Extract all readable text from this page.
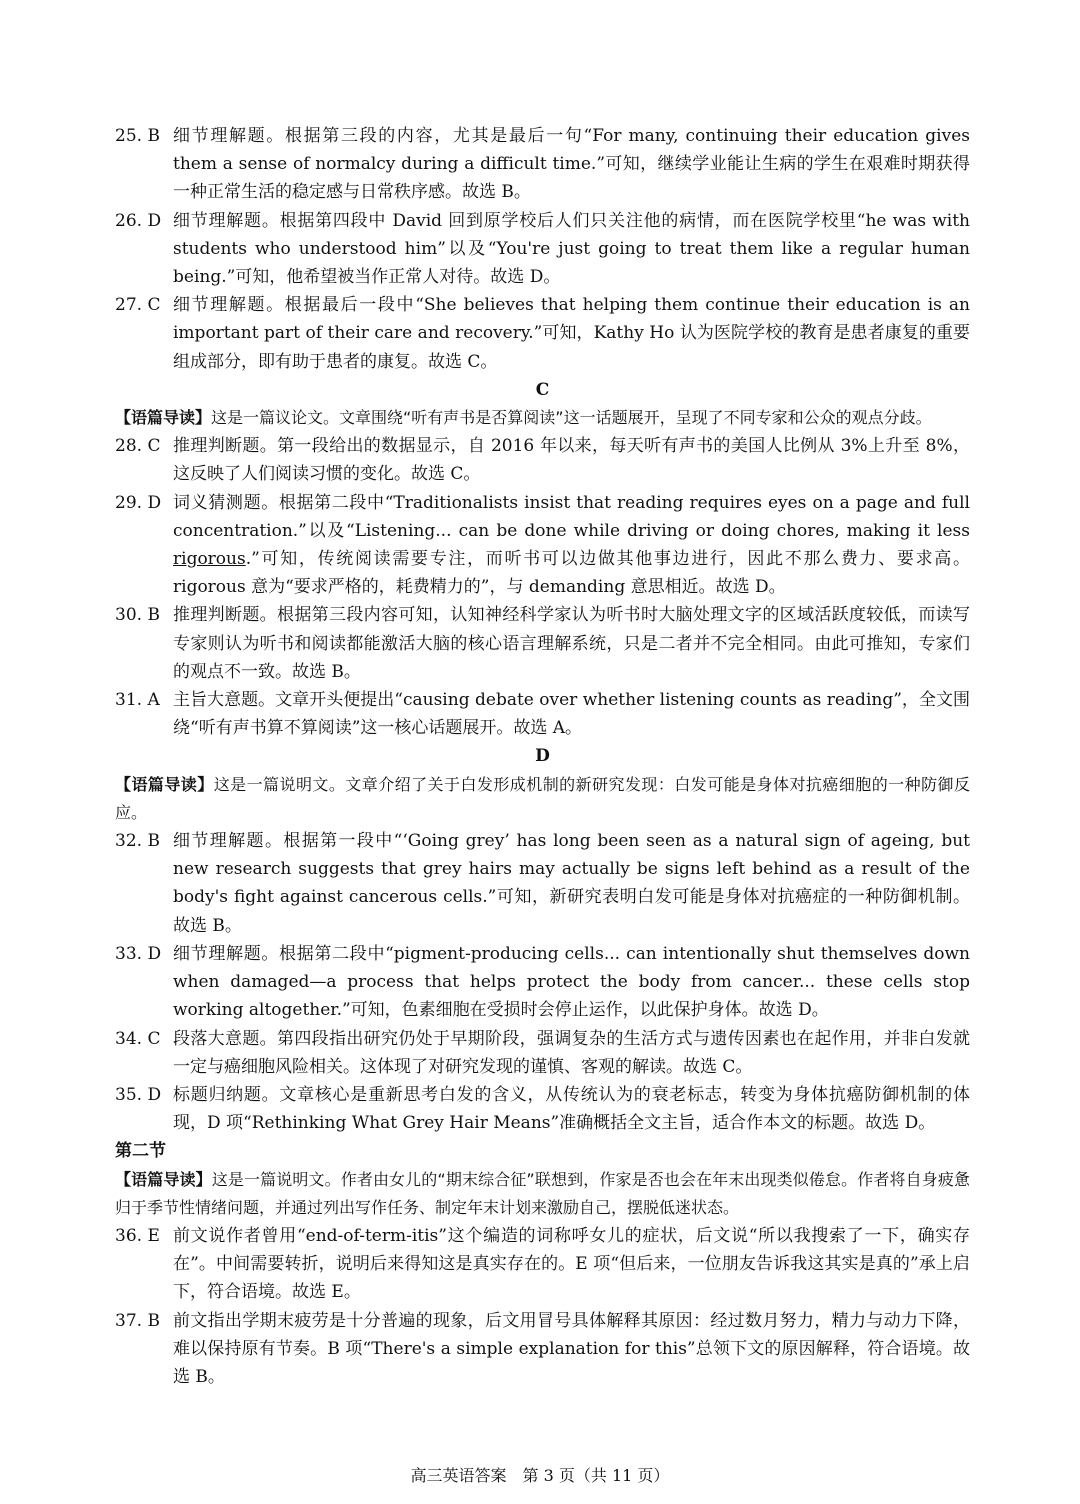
25. B 细节理解题。根据第三段的内容，尤其是最后一句“For many, continuing their education gives them a sense of normalcy during a difficult time.”可知，继续学业能让生病的学生在艰难时期获得一种正常生活的稳定感与日常秩序感。故选 B。
26. D 细节理解题。根据第四段中 David 回到原学校后人们只关注他的病情，而在医院学校里“he was with students who understood him”以及“You're just going to treat them like a regular human being.”可知，他希望被当作正常人对待。故选 D。
27. C 细节理解题。根据最后一段中“She believes that helping them continue their education is an important part of their care and recovery.”可知，Kathy Ho 认为医院学校的教育是患者康复的重要组成部分，即有助于患者的康复。故选 C。

C

【语篇导读】这是一篇议论文。文章围绕“听有声书是否算阅读”这一话题展开，呈现了不同专家和公众的观点分歧。

28. C 推理判断题。第一段给出的数据显示，自 2016 年以来，每天听有声书的美国人比例从 3%上升至 8%，这反映了人们阅读习惯的变化。故选 C。
29. D 词义猜测题。根据第二段中“Traditionalists insist that reading requires eyes on a page and full concentration.”以及“Listening... can be done while driving or doing chores, making it less rigorous.”可知，传统阅读需要专注，而听书可以边做其他事边进行，因此不那么费力、要求高。rigorous 意为“要求严格的，耗费精力的”，与 demanding 意思相近。故选 D。
30. B 推理判断题。根据第三段内容可知，认知神经科学家认为听书时大脑处理文字的区域活跃度较低，而读写专家则认为听书和阅读都能激活大脑的核心语言理解系统，只是二者并不完全相同。由此可推知，专家们的观点不一致。故选 B。
31. A 主旨大意题。文章开头便提出“causing debate over whether listening counts as reading”，全文围绕“听有声书算不算阅读”这一核心话题展开。故选 A。

D

【语篇导读】这是一篇说明文。文章介绍了关于白发形成机制的新研究发现：白发可能是身体对抗癌细胞的一种防御反应。

32. B 细节理解题。根据第一段中“‘Going grey’ has long been seen as a natural sign of ageing, but new research suggests that grey hairs may actually be signs left behind as a result of the body's fight against cancerous cells.”可知，新研究表明白发可能是身体对抗癌症的一种防御机制。故选 B。
33. D 细节理解题。根据第二段中“pigment-producing cells... can intentionally shut themselves down when damaged—a process that helps protect the body from cancer... these cells stop working altogether.”可知，色素细胞在受损时会停止运作，以此保护身体。故选 D。
34. C 段落大意题。第四段指出研究仍处于早期阶段，强调复杂的生活方式与遗传因素也在起作用，并非白发就一定与癌细胞风险相关。这体现了对研究发现的谨慎、客观的解读。故选 C。
35. D 标题归纳题。文章核心是重新思考白发的含义，从传统认为的衰老标志，转变为身体抗癌防御机制的体现，D 项“Rethinking What Grey Hair Means”准确概括全文主旨，适合作本文的标题。故选 D。

第二节

【语篇导读】这是一篇说明文。作者由女儿的“期末综合征”联想到，作家是否也会在年末出现类似倦怠。作者将自身疲惫归于季节性情绪问题，并通过列出写作任务、制定年末计划来激励自己，摆脱低迷状态。

36. E 前文说作者曾用“end-of-term-itis”这个编造的词称呼女儿的症状，后文说“所以我搜索了一下，确实存在”。中间需要转折，说明后来得知这是真实存在的。E 项“但后来，一位朋友告诉我这其实是真的”承上启下，符合语境。故选 E。
37. B 前文指出学期末疲劳是十分普遍的现象，后文用冒号具体解释其原因：经过数月努力，精力与动力下降，难以保持原有节奏。B 项“There's a simple explanation for this”总领下文的原因解释，符合语境。故选 B。
高三英语答案　第 3 页（共 11 页）
